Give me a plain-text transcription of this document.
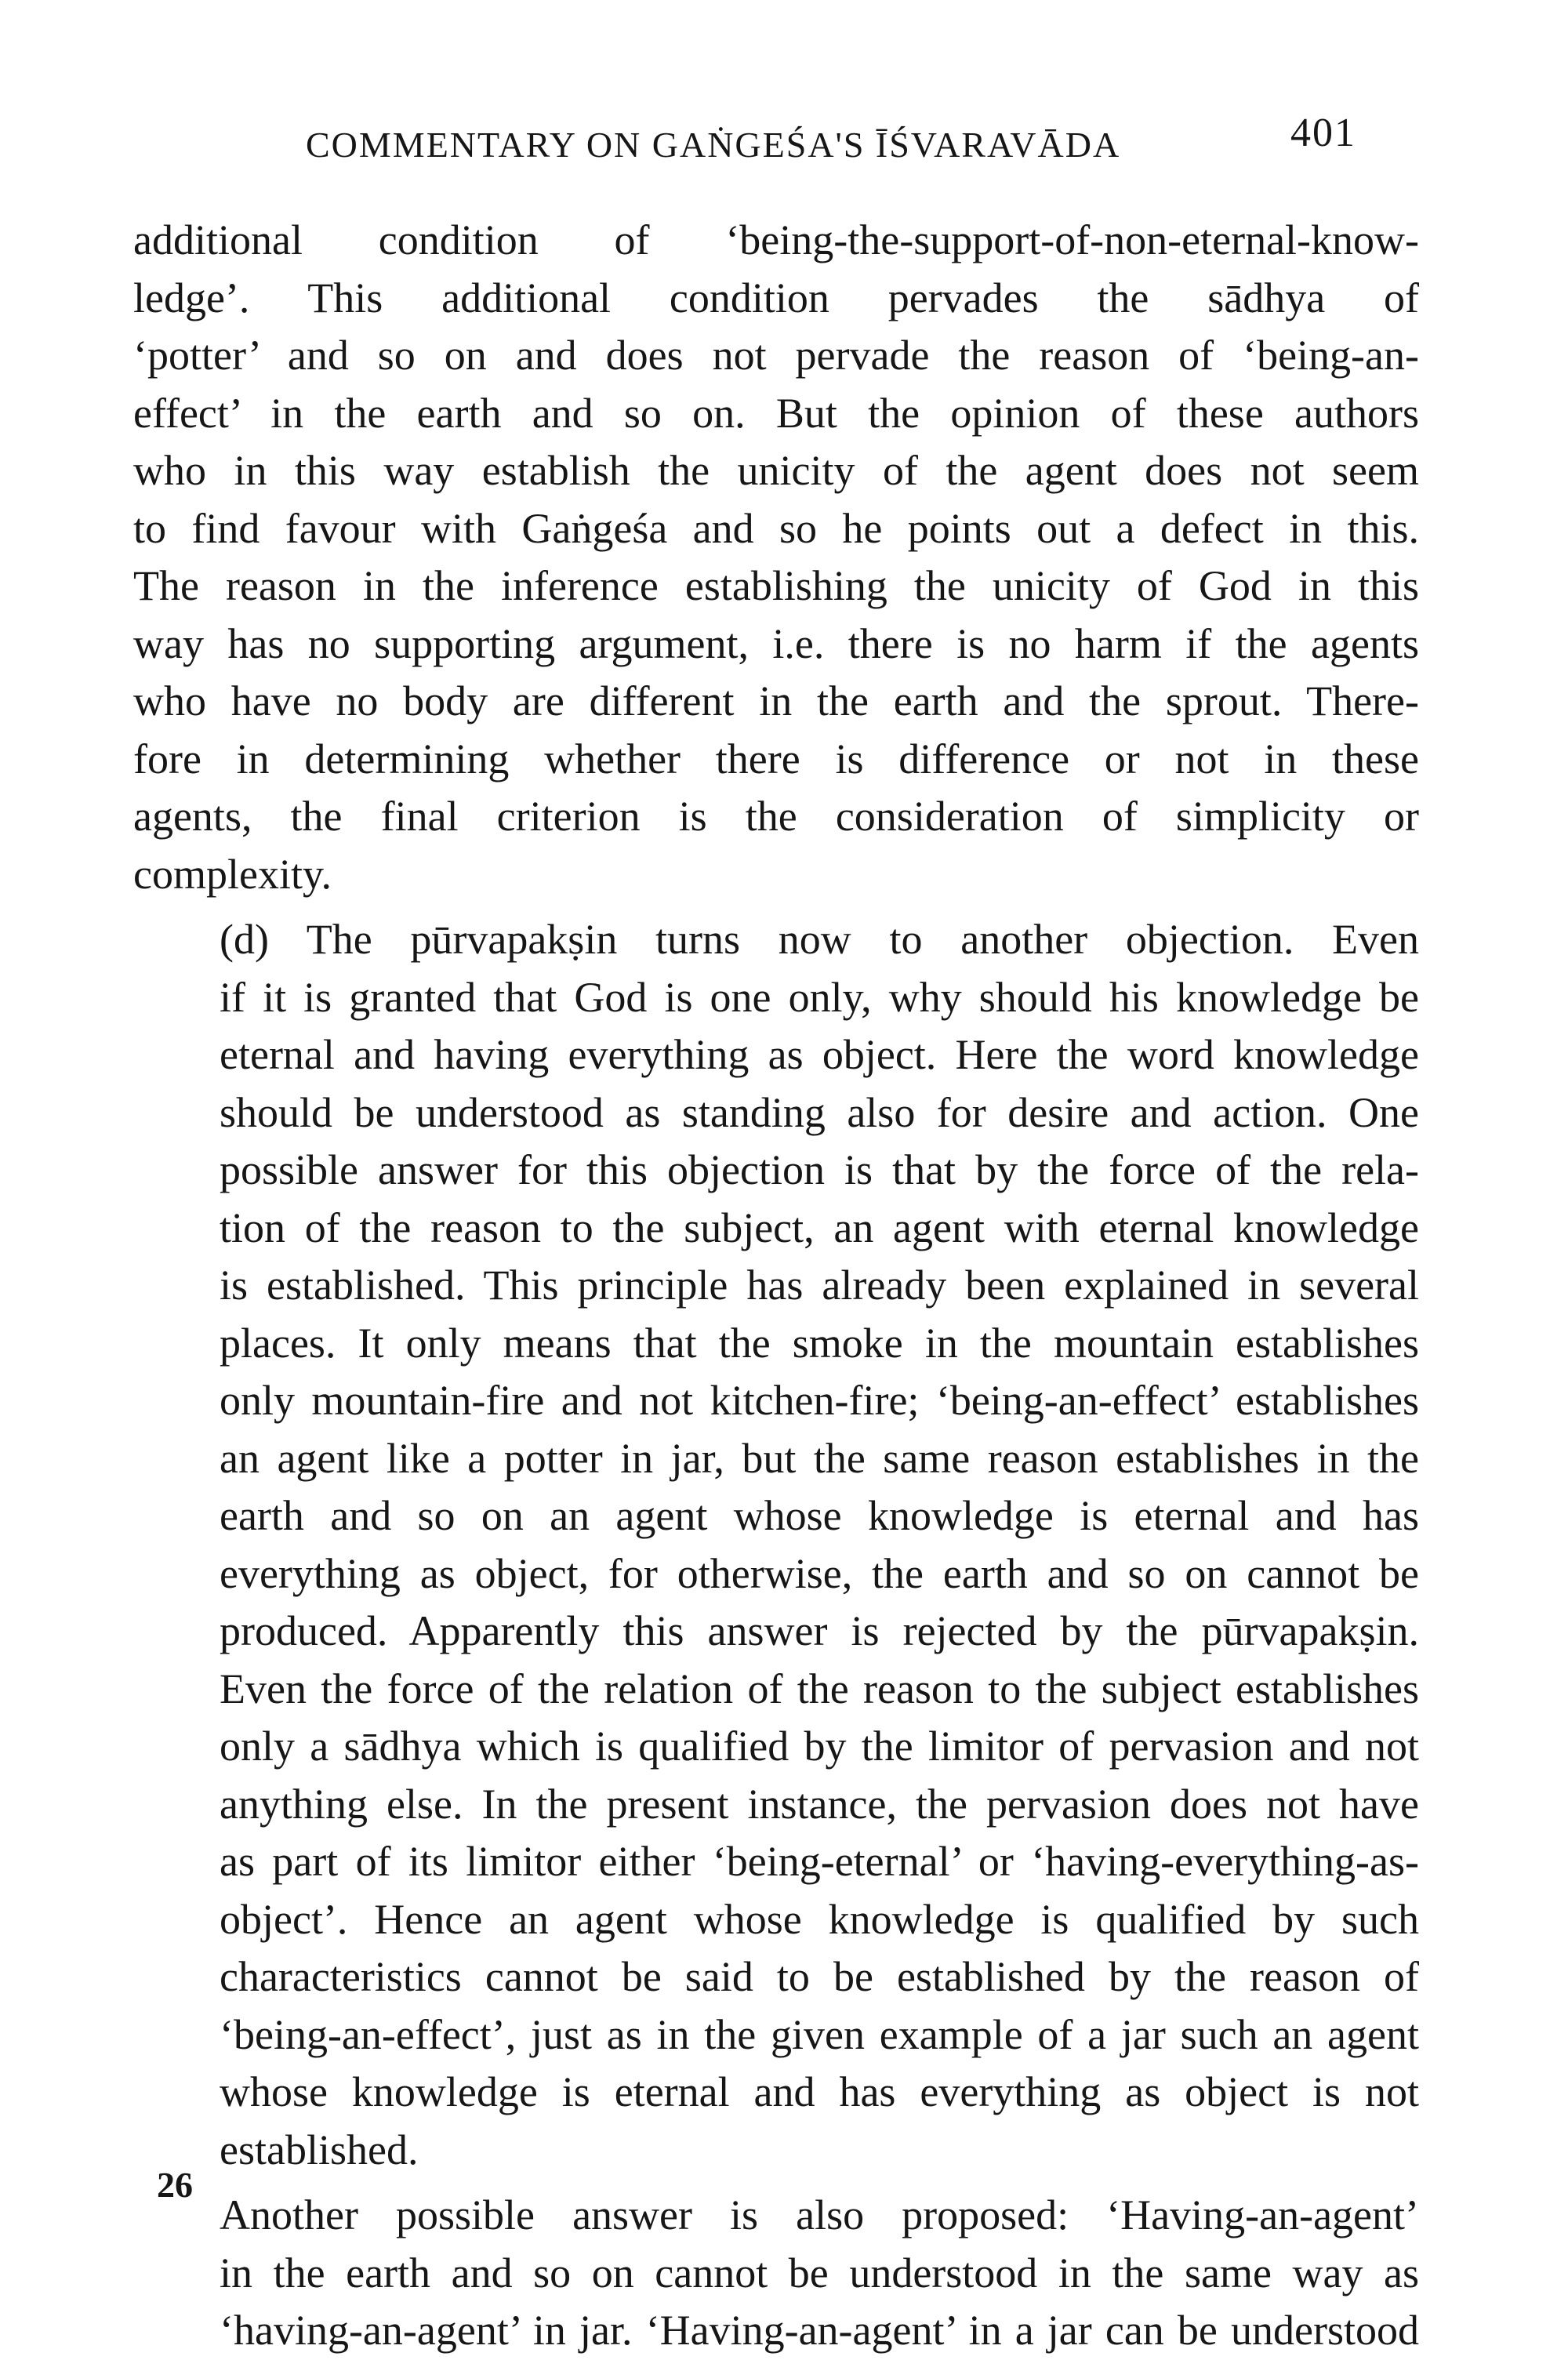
COMMENTARY ON GAṄGEŚA'S ĪŚVARAVĀDA	401

additional condition of ‘being-the-support-of-non-eternal-know-
ledge’. This additional condition pervades the sādhya of
‘potter’ and so on and does not pervade the reason of ‘being-an-
effect’ in the earth and so on. But the opinion of these authors
who in this way establish the unicity of the agent does not seem
to find favour with Gaṅgeśa and so he points out a defect in this.
The reason in the inference establishing the unicity of God in this
way has no supporting argument, i.e. there is no harm if the agents
who have no body are different in the earth and the sprout. There-
fore in determining whether there is difference or not in these
agents, the final criterion is the consideration of simplicity or
complexity.

(d) The pūrvapakṣin turns now to another objection. Even
if it is granted that God is one only, why should his knowledge be
eternal and having everything as object. Here the word knowledge
should be understood as standing also for desire and action. One
possible answer for this objection is that by the force of the rela-
tion of the reason to the subject, an agent with eternal knowledge
is established. This principle has already been explained in several
places. It only means that the smoke in the mountain establishes
only mountain-fire and not kitchen-fire; ‘being-an-effect’ establishes
an agent like a potter in jar, but the same reason establishes in the
earth and so on an agent whose knowledge is eternal and has
everything as object, for otherwise, the earth and so on cannot be
produced. Apparently this answer is rejected by the pūrvapakṣin.
Even the force of the relation of the reason to the subject establishes
only a sādhya which is qualified by the limitor of pervasion and not
anything else. In the present instance, the pervasion does not have
as part of its limitor either ‘being-eternal’ or ‘having-everything-as-
object’. Hence an agent whose knowledge is qualified by such
characteristics cannot be said to be established by the reason of
‘being-an-effect’, just as in the given example of a jar such an agent
whose knowledge is eternal and has everything as object is not
established.

Another possible answer is also proposed: ‘Having-an-agent’
in the earth and so on cannot be understood in the same way as
‘having-an-agent’ in jar. ‘Having-an-agent’ in a jar can be understood

26
